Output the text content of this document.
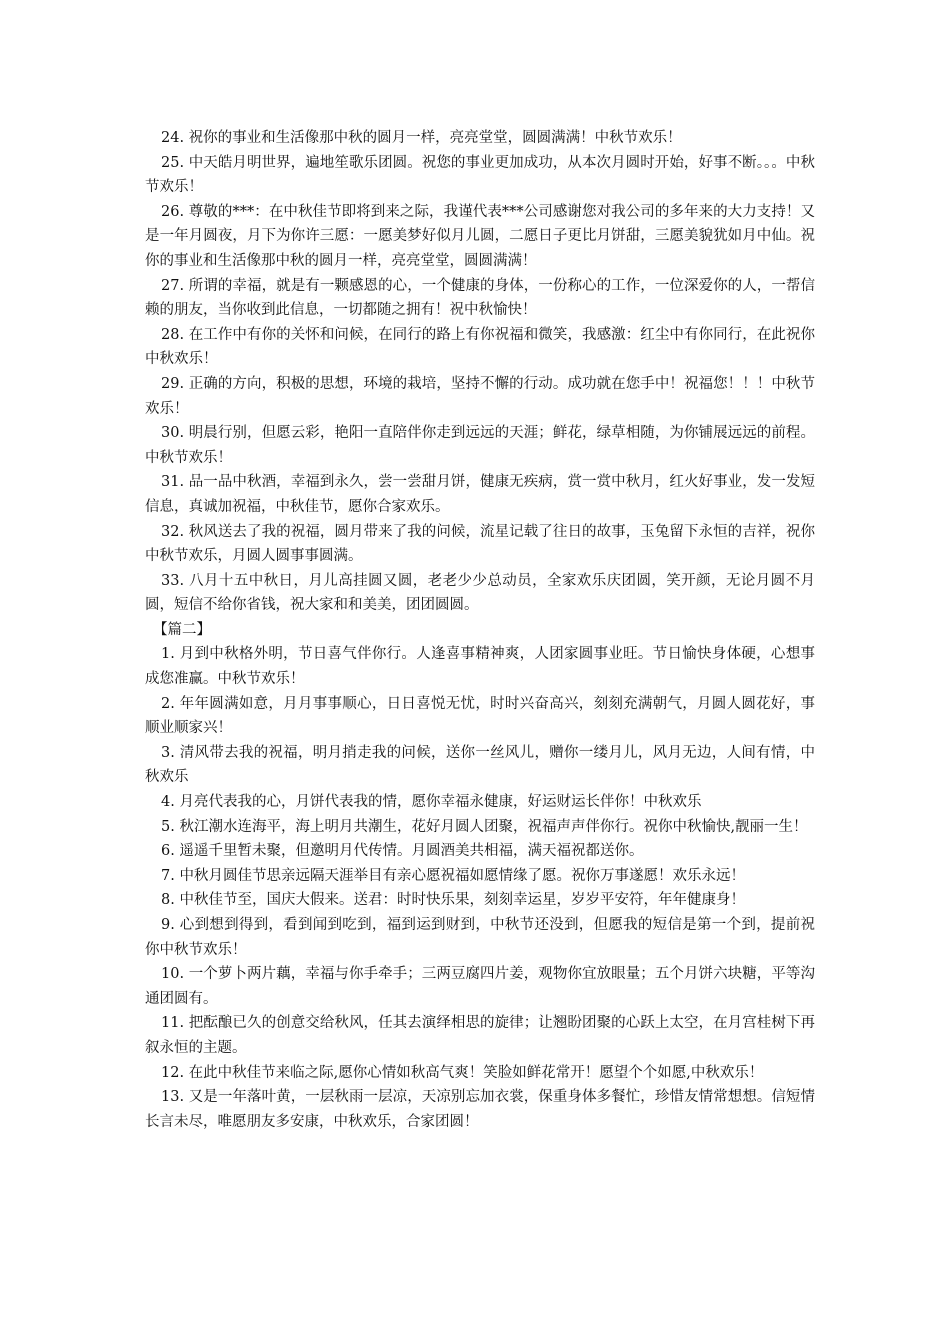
24. 祝你的事业和生活像那中秋的圆月一样，亮亮堂堂，圆圆满满！中秋节欢乐！

25. 中天皓月明世界，遍地笙歌乐团圆。祝您的事业更加成功，从本次月圆时开始，好事不断。。。中秋节欢乐！

26. 尊敬的***：在中秋佳节即将到来之际，我谨代表***公司感谢您对我公司的多年来的大力支持！又是一年月圆夜，月下为你许三愿：一愿美梦好似月儿圆，二愿日子更比月饼甜，三愿美貌犹如月中仙。祝你的事业和生活像那中秋的圆月一样，亮亮堂堂，圆圆满满！

27. 所谓的幸福，就是有一颗感恩的心，一个健康的身体，一份称心的工作，一位深爱你的人，一帮信赖的朋友，当你收到此信息，一切都随之拥有！祝中秋愉快！

28. 在工作中有你的关怀和问候，在同行的路上有你祝福和微笑，我感激：红尘中有你同行，在此祝你中秋欢乐！

29. 正确的方向，积极的思想，环境的栽培，坚持不懈的行动。成功就在您手中！祝福您！！！中秋节欢乐！

30. 明晨行别，但愿云彩，艳阳一直陪伴你走到远远的天涯；鲜花，绿草相随，为你铺展远远的前程。中秋节欢乐！

31. 品一品中秋酒，幸福到永久，尝一尝甜月饼，健康无疾病，赏一赏中秋月，红火好事业，发一发短信息，真诚加祝福，中秋佳节，愿你合家欢乐。

32. 秋风送去了我的祝福，圆月带来了我的问候，流星记载了往日的故事，玉兔留下永恒的吉祥，祝你中秋节欢乐，月圆人圆事事圆满。

33. 八月十五中秋日，月儿高挂圆又圆，老老少少总动员，全家欢乐庆团圆，笑开颜，无论月圆不月圆，短信不给你省钱，祝大家和和美美，团团圆圆。

【篇二】

1. 月到中秋格外明，节日喜气伴你行。人逢喜事精神爽，人团家圆事业旺。节日愉快身体硬，心想事成您准赢。中秋节欢乐！

2. 年年圆满如意，月月事事顺心，日日喜悦无忧，时时兴奋高兴，刻刻充满朝气，月圆人圆花好，事顺业顺家兴！

3. 清风带去我的祝福，明月捎走我的问候，送你一丝风儿，赠你一缕月儿，风月无边，人间有情，中秋欢乐

4. 月亮代表我的心，月饼代表我的情，愿你幸福永健康，好运财运长伴你！中秋欢乐

5. 秋江潮水连海平，海上明月共潮生，花好月圆人团聚，祝福声声伴你行。祝你中秋愉快,靓丽一生！

6. 遥遥千里暂未聚，但邀明月代传情。月圆酒美共相福，满天福祝都送你。

7. 中秋月圆佳节思亲远隔天涯举目有亲心愿祝福如愿情缘了愿。祝你万事遂愿！欢乐永远！

8. 中秋佳节至，国庆大假来。送君：时时快乐果，刻刻幸运星，岁岁平安符，年年健康身！

9. 心到想到得到，看到闻到吃到，福到运到财到，中秋节还没到，但愿我的短信是第一个到，提前祝你中秋节欢乐！

10. 一个萝卜两片藕，幸福与你手牵手；三两豆腐四片姜，观物你宜放眼量；五个月饼六块糖，平等沟通团圆有。

11. 把酝酿已久的创意交给秋风，任其去演绎相思的旋律；让翘盼团聚的心跃上太空，在月宫桂树下再叙永恒的主题。

12. 在此中秋佳节来临之际,愿你心情如秋高气爽！笑脸如鲜花常开！愿望个个如愿,中秋欢乐！

13. 又是一年落叶黄，一层秋雨一层凉，天凉别忘加衣裳，保重身体多餐忙，珍惜友情常想想。信短情长言未尽，唯愿朋友多安康，中秋欢乐，合家团圆！
